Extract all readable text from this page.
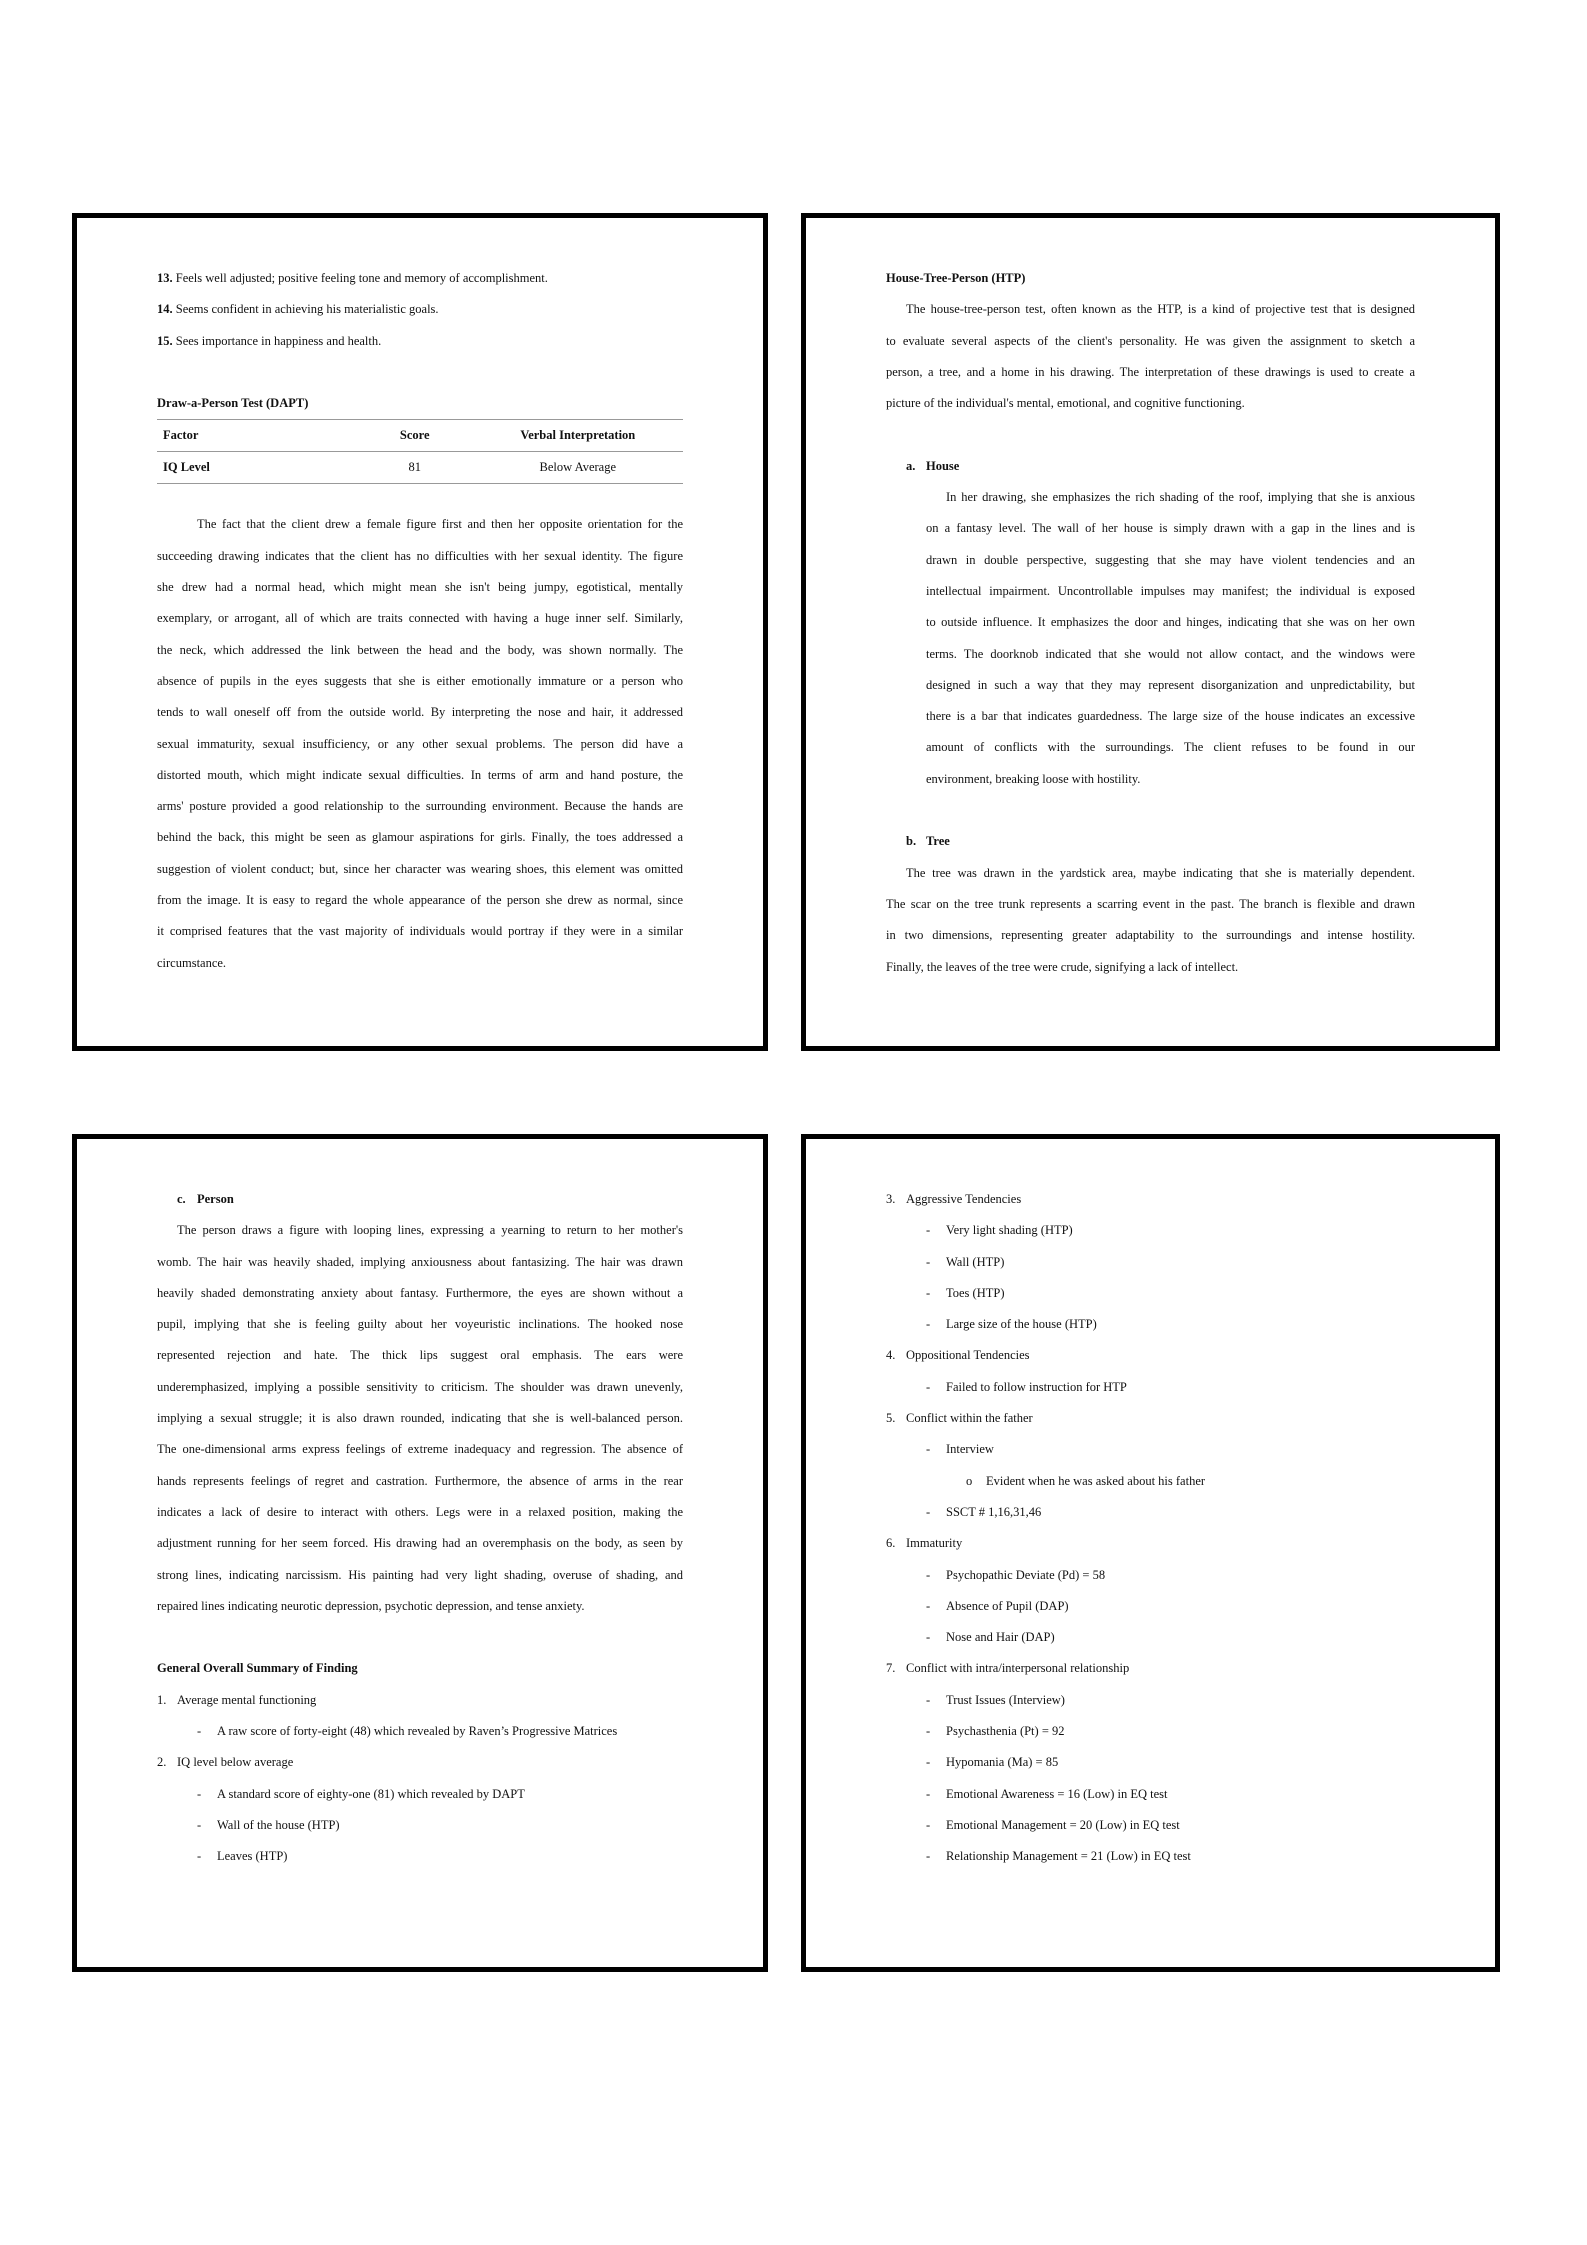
13. Feels well adjusted; positive feeling tone and memory of accomplishment.
14. Seems confident in achieving his materialistic goals.
15. Sees importance in happiness and health.
Draw-a-Person Test (DAPT)
Factor	Score	Verbal Interpretation
IQ Level	81	Below Average
The fact that the client drew a female figure first and then her opposite orientation for the
succeeding drawing indicates that the client has no difficulties with her sexual identity. The figure
she drew had a normal head, which might mean she isn't being jumpy, egotistical, mentally
exemplary, or arrogant, all of which are traits connected with having a huge inner self. Similarly,
the neck, which addressed the link between the head and the body, was shown normally. The
absence of pupils in the eyes suggests that she is either emotionally immature or a person who
tends to wall oneself off from the outside world. By interpreting the nose and hair, it addressed
sexual immaturity, sexual insufficiency, or any other sexual problems. The person did have a
distorted mouth, which might indicate sexual difficulties. In terms of arm and hand posture, the
arms' posture provided a good relationship to the surrounding environment. Because the hands are
behind the back, this might be seen as glamour aspirations for girls. Finally, the toes addressed a
suggestion of violent conduct; but, since her character was wearing shoes, this element was omitted
from the image. It is easy to regard the whole appearance of the person she drew as normal, since
it comprised features that the vast majority of individuals would portray if they were in a similar
circumstance.
House-Tree-Person (HTP)
The house-tree-person test, often known as the HTP, is a kind of projective test that is designed
to evaluate several aspects of the client's personality. He was given the assignment to sketch a
person, a tree, and a home in his drawing. The interpretation of these drawings is used to create a
picture of the individual's mental, emotional, and cognitive functioning.
a. House
In her drawing, she emphasizes the rich shading of the roof, implying that she is anxious
on a fantasy level. The wall of her house is simply drawn with a gap in the lines and is
drawn in double perspective, suggesting that she may have violent tendencies and an
intellectual impairment. Uncontrollable impulses may manifest; the individual is exposed
to outside influence. It emphasizes the door and hinges, indicating that she was on her own
terms. The doorknob indicated that she would not allow contact, and the windows were
designed in such a way that they may represent disorganization and unpredictability, but
there is a bar that indicates guardedness. The large size of the house indicates an excessive
amount of conflicts with the surroundings. The client refuses to be found in our
environment, breaking loose with hostility.
b. Tree
The tree was drawn in the yardstick area, maybe indicating that she is materially dependent.
The scar on the tree trunk represents a scarring event in the past. The branch is flexible and drawn
in two dimensions, representing greater adaptability to the surroundings and intense hostility.
Finally, the leaves of the tree were crude, signifying a lack of intellect.
c. Person
The person draws a figure with looping lines, expressing a yearning to return to her mother's
womb. The hair was heavily shaded, implying anxiousness about fantasizing. The hair was drawn
heavily shaded demonstrating anxiety about fantasy. Furthermore, the eyes are shown without a
pupil, implying that she is feeling guilty about her voyeuristic inclinations. The hooked nose
represented rejection and hate. The thick lips suggest oral emphasis. The ears were
underemphasized, implying a possible sensitivity to criticism. The shoulder was drawn unevenly,
implying a sexual struggle; it is also drawn rounded, indicating that she is well-balanced person.
The one-dimensional arms express feelings of extreme inadequacy and regression. The absence of
hands represents feelings of regret and castration. Furthermore, the absence of arms in the rear
indicates a lack of desire to interact with others. Legs were in a relaxed position, making the
adjustment running for her seem forced. His drawing had an overemphasis on the body, as seen by
strong lines, indicating narcissism. His painting had very light shading, overuse of shading, and
repaired lines indicating neurotic depression, psychotic depression, and tense anxiety.
General Overall Summary of Finding
1. Average mental functioning
-	A raw score of forty-eight (48) which revealed by Raven’s Progressive Matrices
2. IQ level below average
-	A standard score of eighty-one (81) which revealed by DAPT
-	Wall of the house (HTP)
-	Leaves (HTP)
3. Aggressive Tendencies
-	Very light shading (HTP)
-	Wall (HTP)
-	Toes (HTP)
-	Large size of the house (HTP)
4. Oppositional Tendencies
-	Failed to follow instruction for HTP
5. Conflict within the father
-	Interview
o	Evident when he was asked about his father
-	SSCT # 1,16,31,46
6. Immaturity
-	Psychopathic Deviate (Pd) = 58
-	Absence of Pupil (DAP)
-	Nose and Hair (DAP)
7. Conflict with intra/interpersonal relationship
-	Trust Issues (Interview)
-	Psychasthenia (Pt) = 92
-	Hypomania (Ma) = 85
-	Emotional Awareness = 16 (Low) in EQ test
-	Emotional Management = 20 (Low) in EQ test
-	Relationship Management = 21 (Low) in EQ test
